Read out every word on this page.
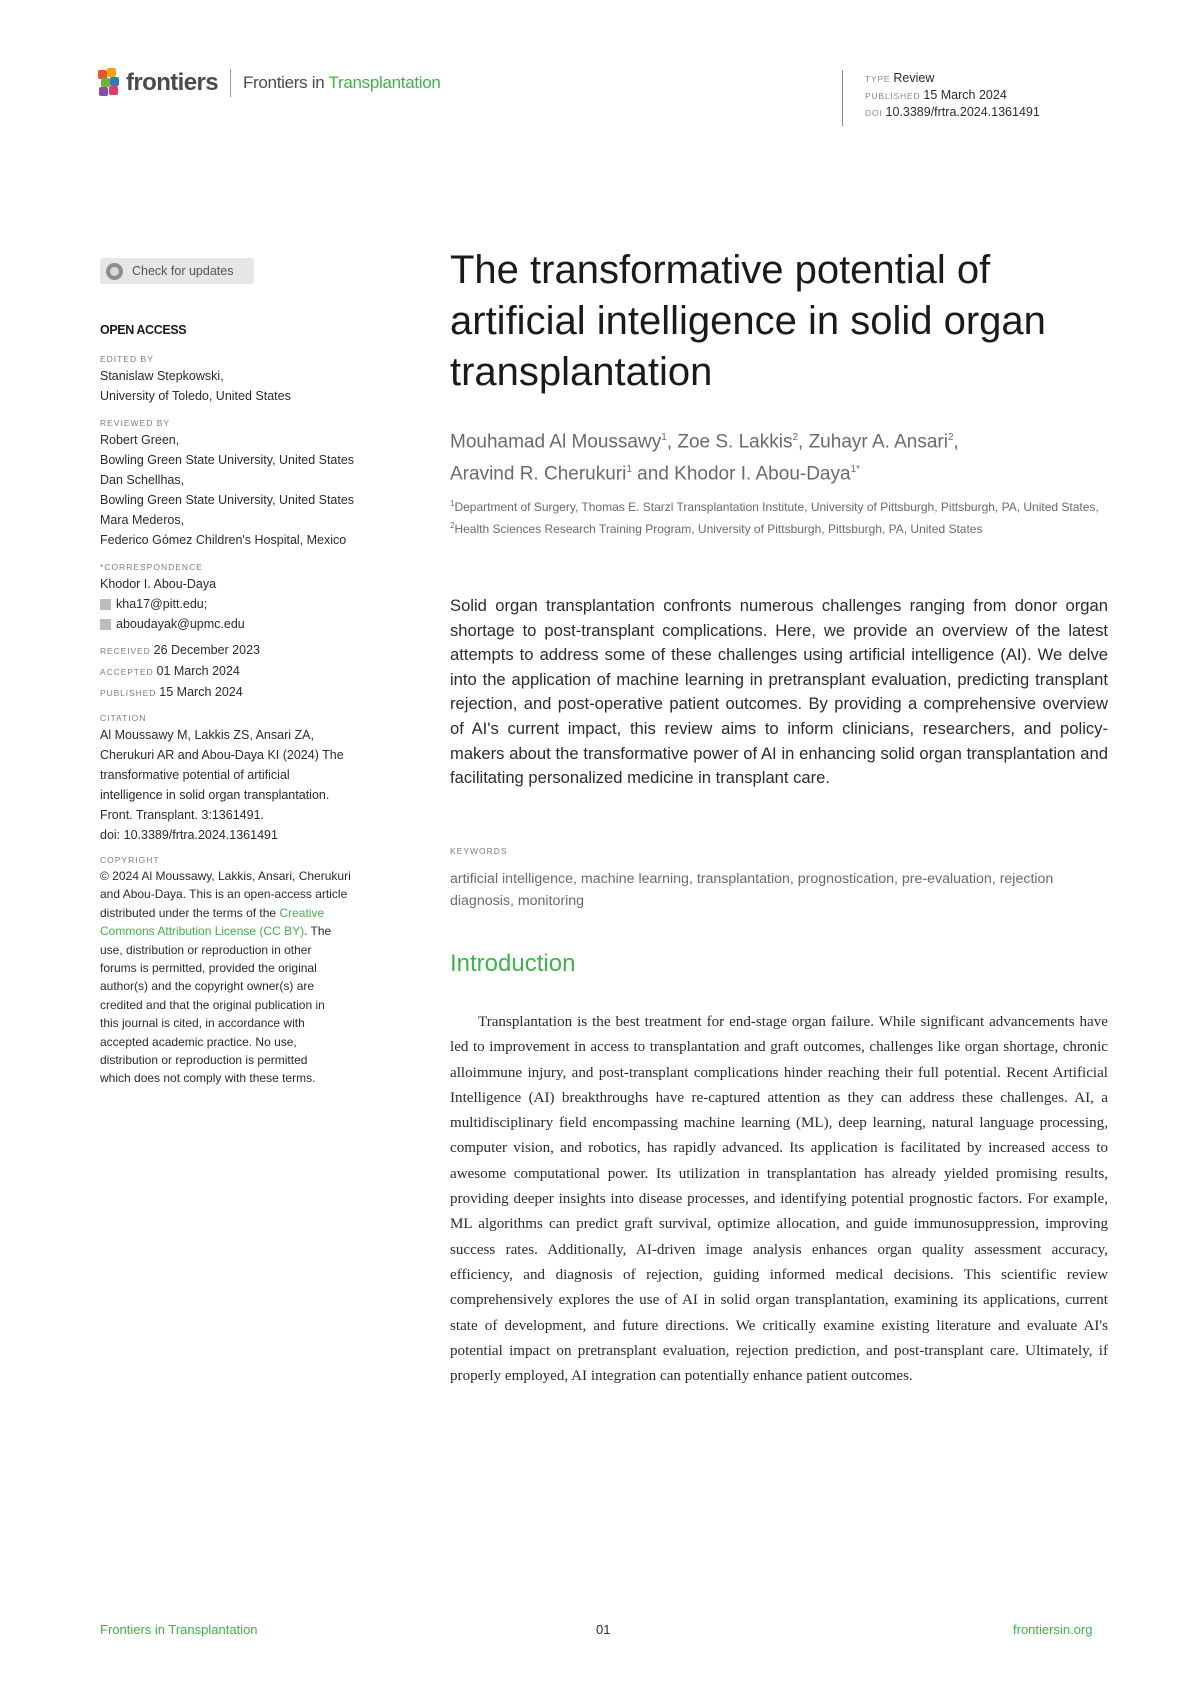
frontiers Frontiers in Transplantation	TYPE Review
PUBLISHED 15 March 2024
DOI 10.3389/frtra.2024.1361491
Check for updates
OPEN ACCESS
EDITED BY
Stanislaw Stepkowski,
University of Toledo, United States
REVIEWED BY
Robert Green,
Bowling Green State University, United States
Dan Schellhas,
Bowling Green State University, United States
Mara Mederos,
Federico Gómez Children's Hospital, Mexico
*CORRESPONDENCE
Khodor I. Abou-Daya
kha17@pitt.edu;
aboudayak@upmc.edu
RECEIVED 26 December 2023
ACCEPTED 01 March 2024
PUBLISHED 15 March 2024
CITATION
Al Moussawy M, Lakkis ZS, Ansari ZA,
Cherukuri AR and Abou-Daya KI (2024) The
transformative potential of artificial
intelligence in solid organ transplantation.
Front. Transplant. 3:1361491.
doi: 10.3389/frtra.2024.1361491
COPYRIGHT
© 2024 Al Moussawy, Lakkis, Ansari, Cherukuri
and Abou-Daya. This is an open-access article
distributed under the terms of the Creative
Commons Attribution License (CC BY). The
use, distribution or reproduction in other
forums is permitted, provided the original
author(s) and the copyright owner(s) are
credited and that the original publication in
this journal is cited, in accordance with
accepted academic practice. No use,
distribution or reproduction is permitted
which does not comply with these terms.
The transformative potential of artificial intelligence in solid organ transplantation
Mouhamad Al Moussawy$^1$, Zoe S. Lakkis$^2$, Zuhayr A. Ansari$^2$,
Aravind R. Cherukuri$^1$ and Khodor I. Abou-Daya$^{1*}$
$^1$Department of Surgery, Thomas E. Starzl Transplantation Institute, University of Pittsburgh, Pittsburgh, PA, United States, $^2$Health Sciences Research Training Program, University of Pittsburgh, Pittsburgh, PA, United States

Solid organ transplantation confronts numerous challenges ranging from donor organ shortage to post-transplant complications. Here, we provide an overview of the latest attempts to address some of these challenges using artificial intelligence (AI). We delve into the application of machine learning in pretransplant evaluation, predicting transplant rejection, and post-operative patient outcomes. By providing a comprehensive overview of AI's current impact, this review aims to inform clinicians, researchers, and policy-makers about the transformative power of AI in enhancing solid organ transplantation and facilitating personalized medicine in transplant care.

KEYWORDS
artificial intelligence, machine learning, transplantation, prognostication, pre-evaluation, rejection diagnosis, monitoring
Introduction

Transplantation is the best treatment for end-stage organ failure. While significant advancements have led to improvement in access to transplantation and graft outcomes, challenges like organ shortage, chronic alloimmune injury, and post-transplant complications hinder reaching their full potential. Recent Artificial Intelligence (AI) breakthroughs have re-captured attention as they can address these challenges. AI, a multidisciplinary field encompassing machine learning (ML), deep learning, natural language processing, computer vision, and robotics, has rapidly advanced. Its application is facilitated by increased access to awesome computational power. Its utilization in transplantation has already yielded promising results, providing deeper insights into disease processes, and identifying potential prognostic factors. For example, ML algorithms can predict graft survival, optimize allocation, and guide immunosuppression, improving success rates. Additionally, AI-driven image analysis enhances organ quality assessment accuracy, efficiency, and diagnosis of rejection, guiding informed medical decisions. This scientific review comprehensively explores the use of AI in solid organ transplantation, examining its applications, current state of development, and future directions. We critically examine existing literature and evaluate AI's potential impact on pretransplant evaluation, rejection prediction, and post-transplant care. Ultimately, if properly employed, AI integration can potentially enhance patient outcomes.

Frontiers in Transplantation	01	frontiersin.org
